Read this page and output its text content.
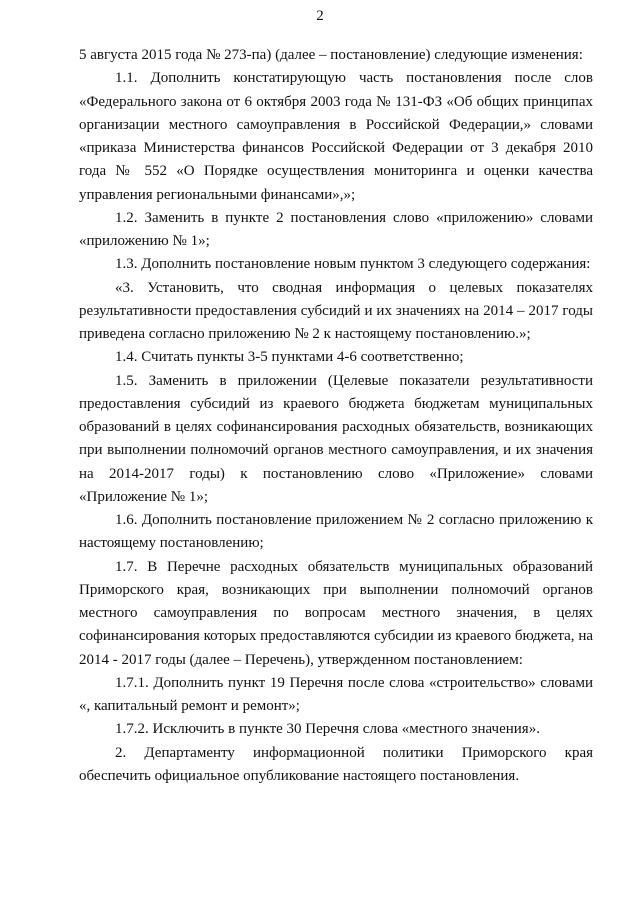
2

5 августа 2015 года № 273-па) (далее – постановление) следующие изменения:

1.1. Дополнить констатирующую часть постановления после слов «Федерального закона от 6 октября 2003 года № 131-ФЗ «Об общих принципах организации местного самоуправления в Российской Федерации,» словами «приказа Министерства финансов Российской Федерации от 3 декабря 2010 года № 552 «О Порядке осуществления мониторинга и оценки качества управления региональными финансами»,»;

1.2. Заменить в пункте 2 постановления слово «приложению» словами «приложению № 1»;

1.3. Дополнить постановление новым пунктом 3 следующего содержания:

«3. Установить, что сводная информация о целевых показателях результативности предоставления субсидий и их значениях на 2014 – 2017 годы приведена согласно приложению № 2 к настоящему постановлению.»;

1.4. Считать пункты 3-5 пунктами 4-6 соответственно;

1.5. Заменить в приложении (Целевые показатели результативности предоставления субсидий из краевого бюджета бюджетам муниципальных образований в целях софинансирования расходных обязательств, возникающих при выполнении полномочий органов местного самоуправления, и их значения на 2014-2017 годы) к постановлению слово «Приложение» словами «Приложение № 1»;

1.6. Дополнить постановление приложением № 2 согласно приложению к настоящему постановлению;

1.7. В Перечне расходных обязательств муниципальных образований Приморского края, возникающих при выполнении полномочий органов местного самоуправления по вопросам местного значения, в целях софинансирования которых предоставляются субсидии из краевого бюджета, на 2014 - 2017 годы (далее – Перечень), утвержденном постановлением:

1.7.1. Дополнить пункт 19 Перечня после слова «строительство» словами «, капитальный ремонт и ремонт»;

1.7.2. Исключить в пункте 30 Перечня слова «местного значения».

2. Департаменту информационной политики Приморского края обеспечить официальное опубликование настоящего постановления.
